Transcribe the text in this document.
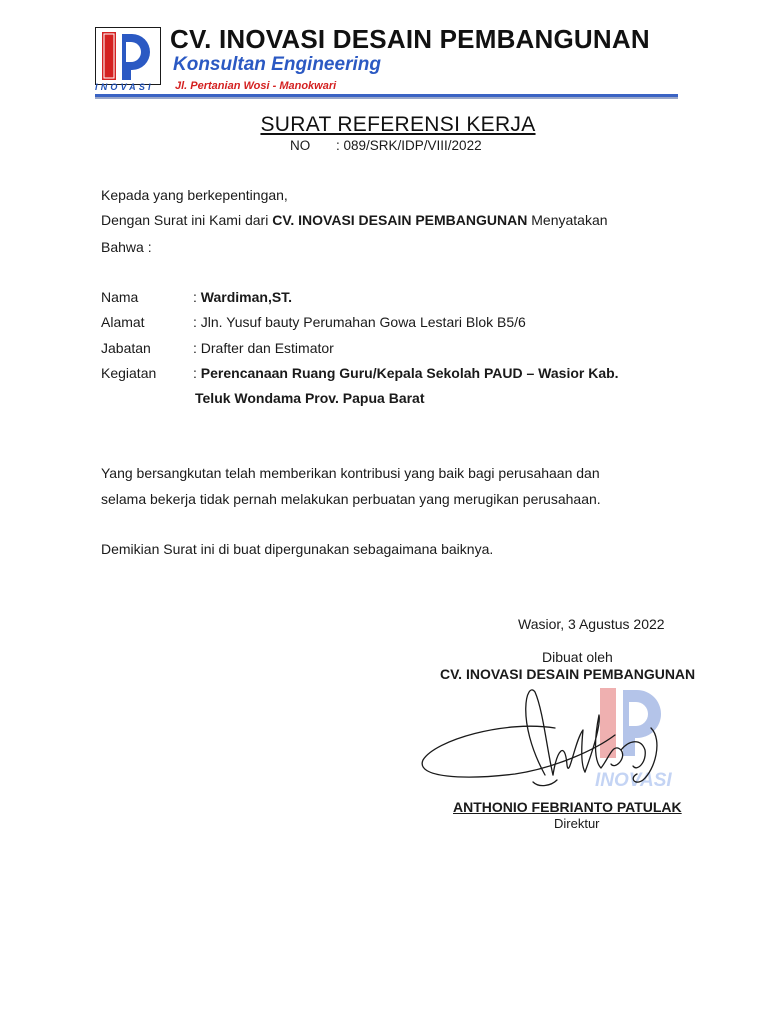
INOVASI
CV. INOVASI DESAIN PEMBANGUNAN
Konsultan Engineering
Jl. Pertanian Wosi - Manokwari
SURAT REFERENSI KERJA
NO : 089/SRK/IDP/VIII/2022
Kepada yang berkepentingan,
Dengan Surat ini Kami dari CV. INOVASI DESAIN PEMBANGUNAN Menyatakan
Bahwa :
Nama	: Wardiman,ST.
Alamat	: Jln. Yusuf bauty Perumahan Gowa Lestari Blok B5/6
Jabatan	: Drafter dan Estimator
Kegiatan	: Perencanaan Ruang Guru/Kepala Sekolah PAUD – Wasior Kab.
Teluk Wondama Prov. Papua Barat
Yang bersangkutan telah memberikan kontribusi yang baik bagi perusahaan dan
selama bekerja tidak pernah melakukan perbuatan yang merugikan perusahaan.
Demikian Surat ini di buat dipergunakan sebagaimana baiknya.
Wasior, 3 Agustus 2022
Dibuat oleh
CV. INOVASI DESAIN PEMBANGUNAN
INOVASI
ANTHONIO FEBRIANTO PATULAK
Direktur
